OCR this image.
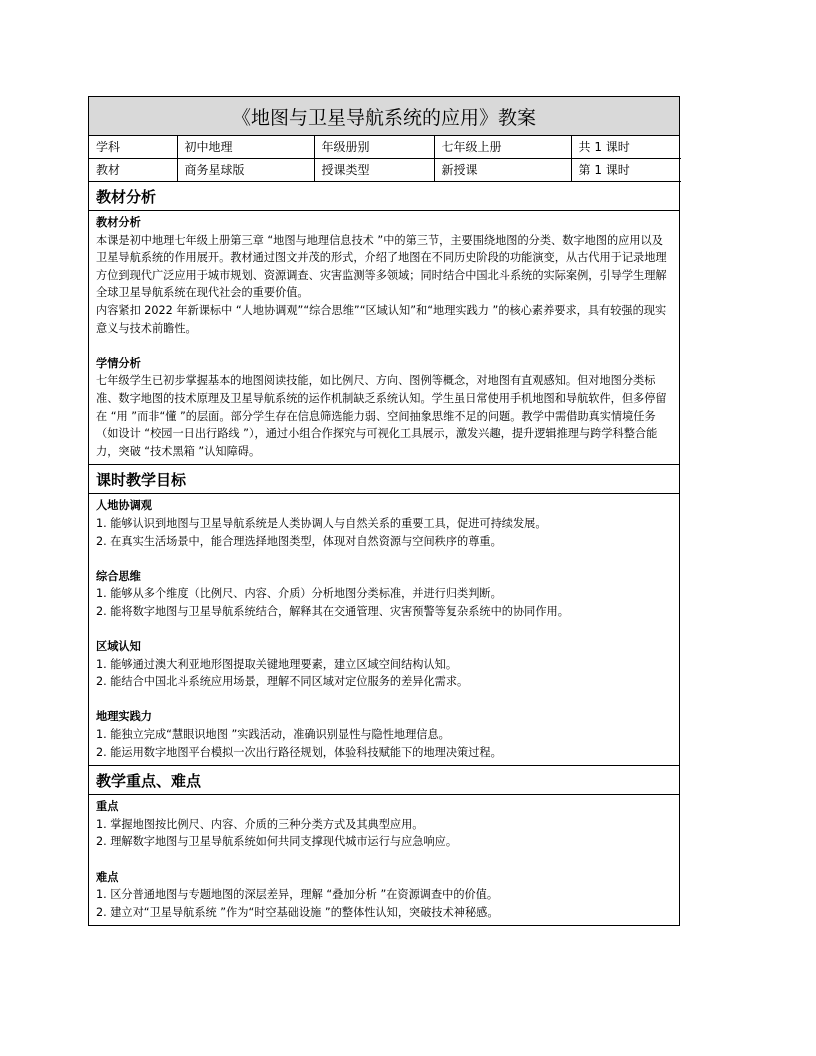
《地图与卫星导航系统的应用》教案
学科	初中地理	年级册别	七年级上册	共 1 课时
教材	商务星球版	授课类型	新授课	第 1 课时
教材分析

教材分析

本课是初中地理七年级上册第三章 “地图与地理信息技术 ”中的第三节，主要围绕地图的分类、数字地图的应用以及卫星导航系统的作用展开。教材通过图文并茂的形式，介绍了地图在不同历史阶段的功能演变，从古代用于记录地理方位到现代广泛应用于城市规划、资源调查、灾害监测等多领域；同时结合中国北斗系统的实际案例，引导学生理解全球卫星导航系统在现代社会的重要价值。

内容紧扣 2022 年新课标中 “人地协调观”“综合思维”“区域认知”和“地理实践力 ”的核心素养要求，具有较强的现实意义与技术前瞻性。

学情分析

七年级学生已初步掌握基本的地图阅读技能，如比例尺、方向、图例等概念，对地图有直观感知。但对地图分类标准、数字地图的技术原理及卫星导航系统的运作机制缺乏系统认知。学生虽日常使用手机地图和导航软件，但多停留在 “用 ”而非“懂 ”的层面。部分学生存在信息筛选能力弱、空间抽象思维不足的问题。教学中需借助真实情境任务（如设计 “校园一日出行路线 ”），通过小组合作探究与可视化工具展示，激发兴趣，提升逻辑推理与跨学科整合能力，突破 “技术黑箱 ”认知障碍。

课时教学目标

人地协调观

1. 能够认识到地图与卫星导航系统是人类协调人与自然关系的重要工具，促进可持续发展。

2. 在真实生活场景中，能合理选择地图类型，体现对自然资源与空间秩序的尊重。

综合思维

1. 能够从多个维度（比例尺、内容、介质）分析地图分类标准，并进行归类判断。

2. 能将数字地图与卫星导航系统结合，解释其在交通管理、灾害预警等复杂系统中的协同作用。

区域认知

1. 能够通过澳大利亚地形图提取关键地理要素，建立区域空间结构认知。

2. 能结合中国北斗系统应用场景，理解不同区域对定位服务的差异化需求。

地理实践力

1. 能独立完成“慧眼识地图 ”实践活动，准确识别显性与隐性地理信息。

2. 能运用数字地图平台模拟一次出行路径规划，体验科技赋能下的地理决策过程。

教学重点、难点

重点

1. 掌握地图按比例尺、内容、介质的三种分类方式及其典型应用。

2. 理解数字地图与卫星导航系统如何共同支撑现代城市运行与应急响应。

难点

1. 区分普通地图与专题地图的深层差异，理解 “叠加分析 ”在资源调查中的价值。

2. 建立对“卫星导航系统 ”作为“时空基础设施 ”的整体性认知，突破技术神秘感。
